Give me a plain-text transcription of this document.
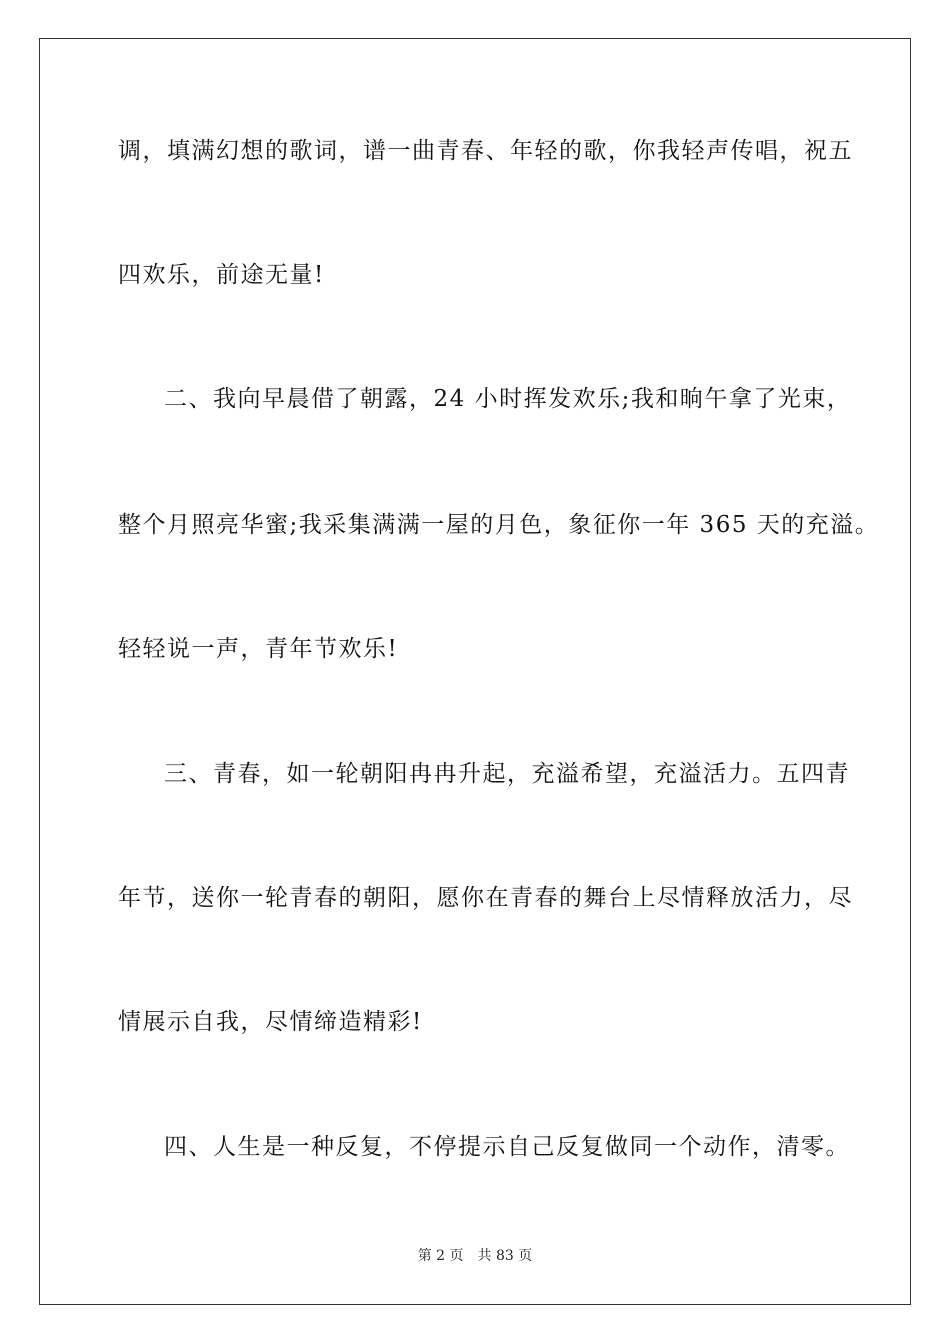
调，填满幻想的歌词，谱一曲青春、年轻的歌，你我轻声传唱，祝五

四欢乐，前途无量!

二、我向早晨借了朝露，24 小时挥发欢乐;我和晌午拿了光束，

整个月照亮华蜜;我采集满满一屋的月色，象征你一年 365 天的充溢。

轻轻说一声，青年节欢乐!

三、青春，如一轮朝阳冉冉升起，充溢希望，充溢活力。五四青

年节，送你一轮青春的朝阳，愿你在青春的舞台上尽情释放活力，尽

情展示自我，尽情缔造精彩!

四、人生是一种反复，不停提示自己反复做同一个动作，清零。

第 2 页 共 83 页
